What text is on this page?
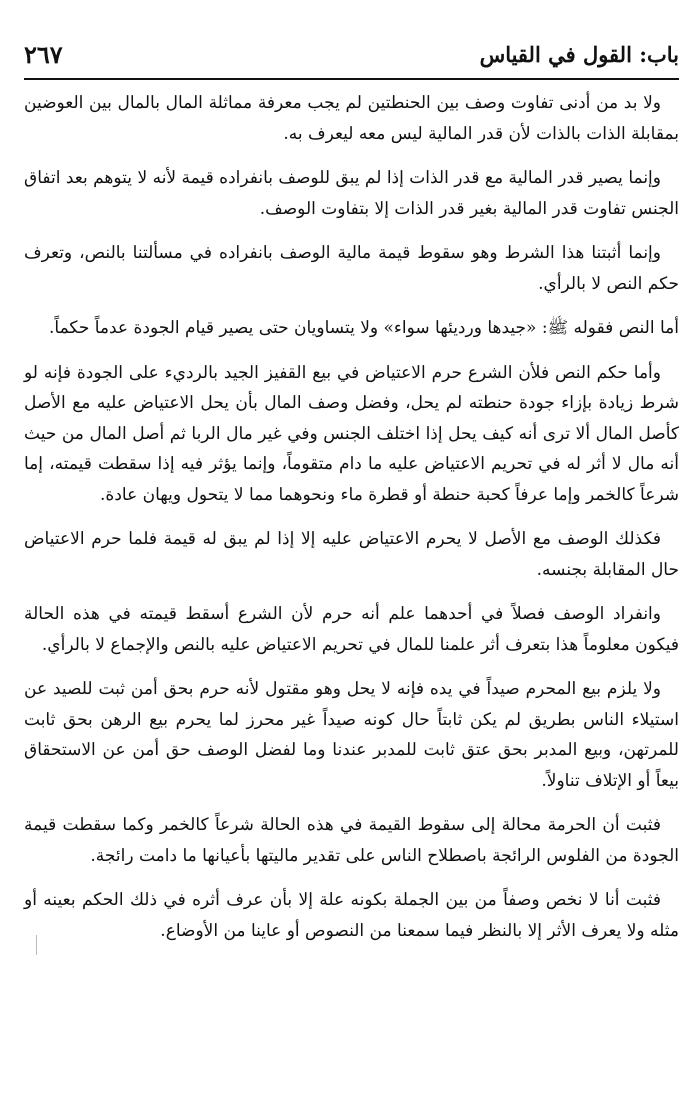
باب: القول في القياس
٢٦٧

ولا بد من أدنى تفاوت وصف بين الحنطتين لم يجب معرفة مماثلة المال بالمال بين العوضين بمقابلة الذات بالذات لأن قدر المالية ليس معه ليعرف به.

وإنما يصير قدر المالية مع قدر الذات إذا لم يبق للوصف بانفراده قيمة لأنه لا يتوهم بعد اتفاق الجنس تفاوت قدر المالية بغير قدر الذات إلا بتفاوت الوصف.

وإنما أثبتنا هذا الشرط وهو سقوط قيمة مالية الوصف بانفراده في مسألتنا بالنص، وتعرف حكم النص لا بالرأي.

أما النص فقوله ﷺ: «جيدها ورديئها سواء» ولا يتساويان حتى يصير قيام الجودة عدماً حكماً.

وأما حكم النص فلأن الشرع حرم الاعتياض في بيع القفيز الجيد بالرديء على الجودة فإنه لو شرط زيادة بإزاء جودة حنطته لم يحل، وفضل وصف المال بأن يحل الاعتياض عليه مع الأصل كأصل المال ألا ترى أنه كيف يحل إذا اختلف الجنس وفي غير مال الربا ثم أصل المال من حيث أنه مال لا أثر له في تحريم الاعتياض عليه ما دام متقوماً، وإنما يؤثر فيه إذا سقطت قيمته، إما شرعاً كالخمر وإما عرفاً كحبة حنطة أو قطرة ماء ونحوهما مما لا يتحول ويهان عادة.

فكذلك الوصف مع الأصل لا يحرم الاعتياض عليه إلا إذا لم يبق له قيمة فلما حرم الاعتياض حال المقابلة بجنسه.

وانفراد الوصف فصلاً في أحدهما علم أنه حرم لأن الشرع أسقط قيمته في هذه الحالة فيكون معلوماً هذا بتعرف أثر علمنا للمال في تحريم الاعتياض عليه بالنص والإجماع لا بالرأي.

ولا يلزم بيع المحرم صيداً في يده فإنه لا يحل وهو مقتول لأنه حرم بحق أمن ثبت للصيد عن استيلاء الناس بطريق لم يكن ثابتاً حال كونه صيداً غير محرز لما يحرم بيع الرهن بحق ثابت للمرتهن، وبيع المدبر بحق عتق ثابت للمدبر عندنا وما لفضل الوصف حق أمن عن الاستحقاق بيعاً أو الإتلاف تناولاً.

فثبت أن الحرمة محالة إلى سقوط القيمة في هذه الحالة شرعاً كالخمر وكما سقطت قيمة الجودة من الفلوس الرائجة باصطلاح الناس على تقدير ماليتها بأعيانها ما دامت رائجة.

فثبت أنا لا نخص وصفاً من بين الجملة بكونه علة إلا بأن عرف أثره في ذلك الحكم بعينه أو مثله ولا يعرف الأثر إلا بالنظر فيما سمعنا من النصوص أو عاينا من الأوضاع.
